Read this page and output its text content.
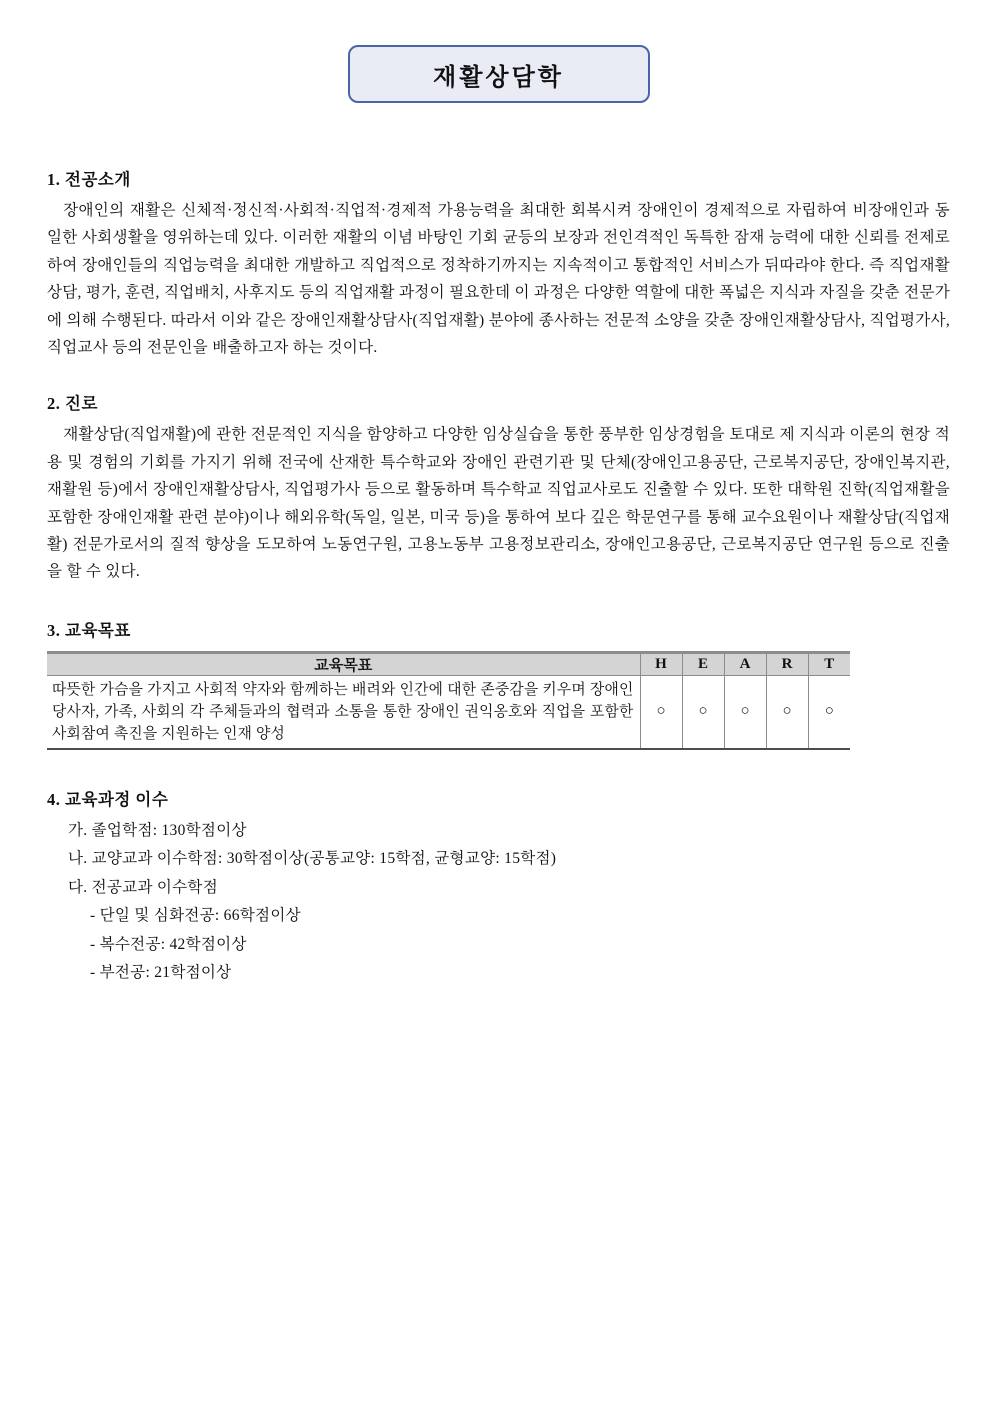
재활상담학
1. 전공소개

장애인의 재활은 신체적·정신적·사회적·직업적·경제적 가용능력을 최대한 회복시켜 장애인이 경제적으로 자립하여 비장애인과 동일한 사회생활을 영위하는데 있다. 이러한 재활의 이념 바탕인 기회 균등의 보장과 전인격적인 독특한 잠재 능력에 대한 신뢰를 전제로 하여 장애인들의 직업능력을 최대한 개발하고 직업적으로 정착하기까지는 지속적이고 통합적인 서비스가 뒤따라야 한다. 즉 직업재활상담, 평가, 훈련, 직업배치, 사후지도 등의 직업재활 과정이 필요한데 이 과정은 다양한 역할에 대한 폭넓은 지식과 자질을 갖춘 전문가에 의해 수행된다. 따라서 이와 같은 장애인재활상담사(직업재활) 분야에 종사하는 전문적 소양을 갖춘 장애인재활상담사, 직업평가사, 직업교사 등의 전문인을 배출하고자 하는 것이다.

2. 진로

재활상담(직업재활)에 관한 전문적인 지식을 함양하고 다양한 임상실습을 통한 풍부한 임상경험을 토대로 제 지식과 이론의 현장 적용 및 경험의 기회를 가지기 위해 전국에 산재한 특수학교와 장애인 관련기관 및 단체(장애인고용공단, 근로복지공단, 장애인복지관, 재활원 등)에서 장애인재활상담사, 직업평가사 등으로 활동하며 특수학교 직업교사로도 진출할 수 있다. 또한 대학원 진학(직업재활을 포함한 장애인재활 관련 분야)이나 해외유학(독일, 일본, 미국 등)을 통하여 보다 깊은 학문연구를 통해 교수요원이나 재활상담(직업재활) 전문가로서의 질적 향상을 도모하여 노동연구원, 고용노동부 고용정보관리소, 장애인고용공단, 근로복지공단 연구원 등으로 진출을 할 수 있다.

3. 교육목표
교육목표	H	E	A	R	T
따뜻한 가슴을 가지고 사회적 약자와 함께하는 배려와 인간에 대한 존중감을 키우며 장애인당사자, 가족, 사회의 각 주체들과의 협력과 소통을 통한 장애인 권익옹호와 직업을 포함한 사회참여 촉진을 지원하는 인재 양성	○	○	○	○	○
4. 교육과정 이수
가. 졸업학점: 130학점이상
나. 교양교과 이수학점: 30학점이상(공통교양: 15학점, 균형교양: 15학점)
다. 전공교과 이수학점
- 단일 및 심화전공: 66학점이상
- 복수전공: 42학점이상
- 부전공: 21학점이상
